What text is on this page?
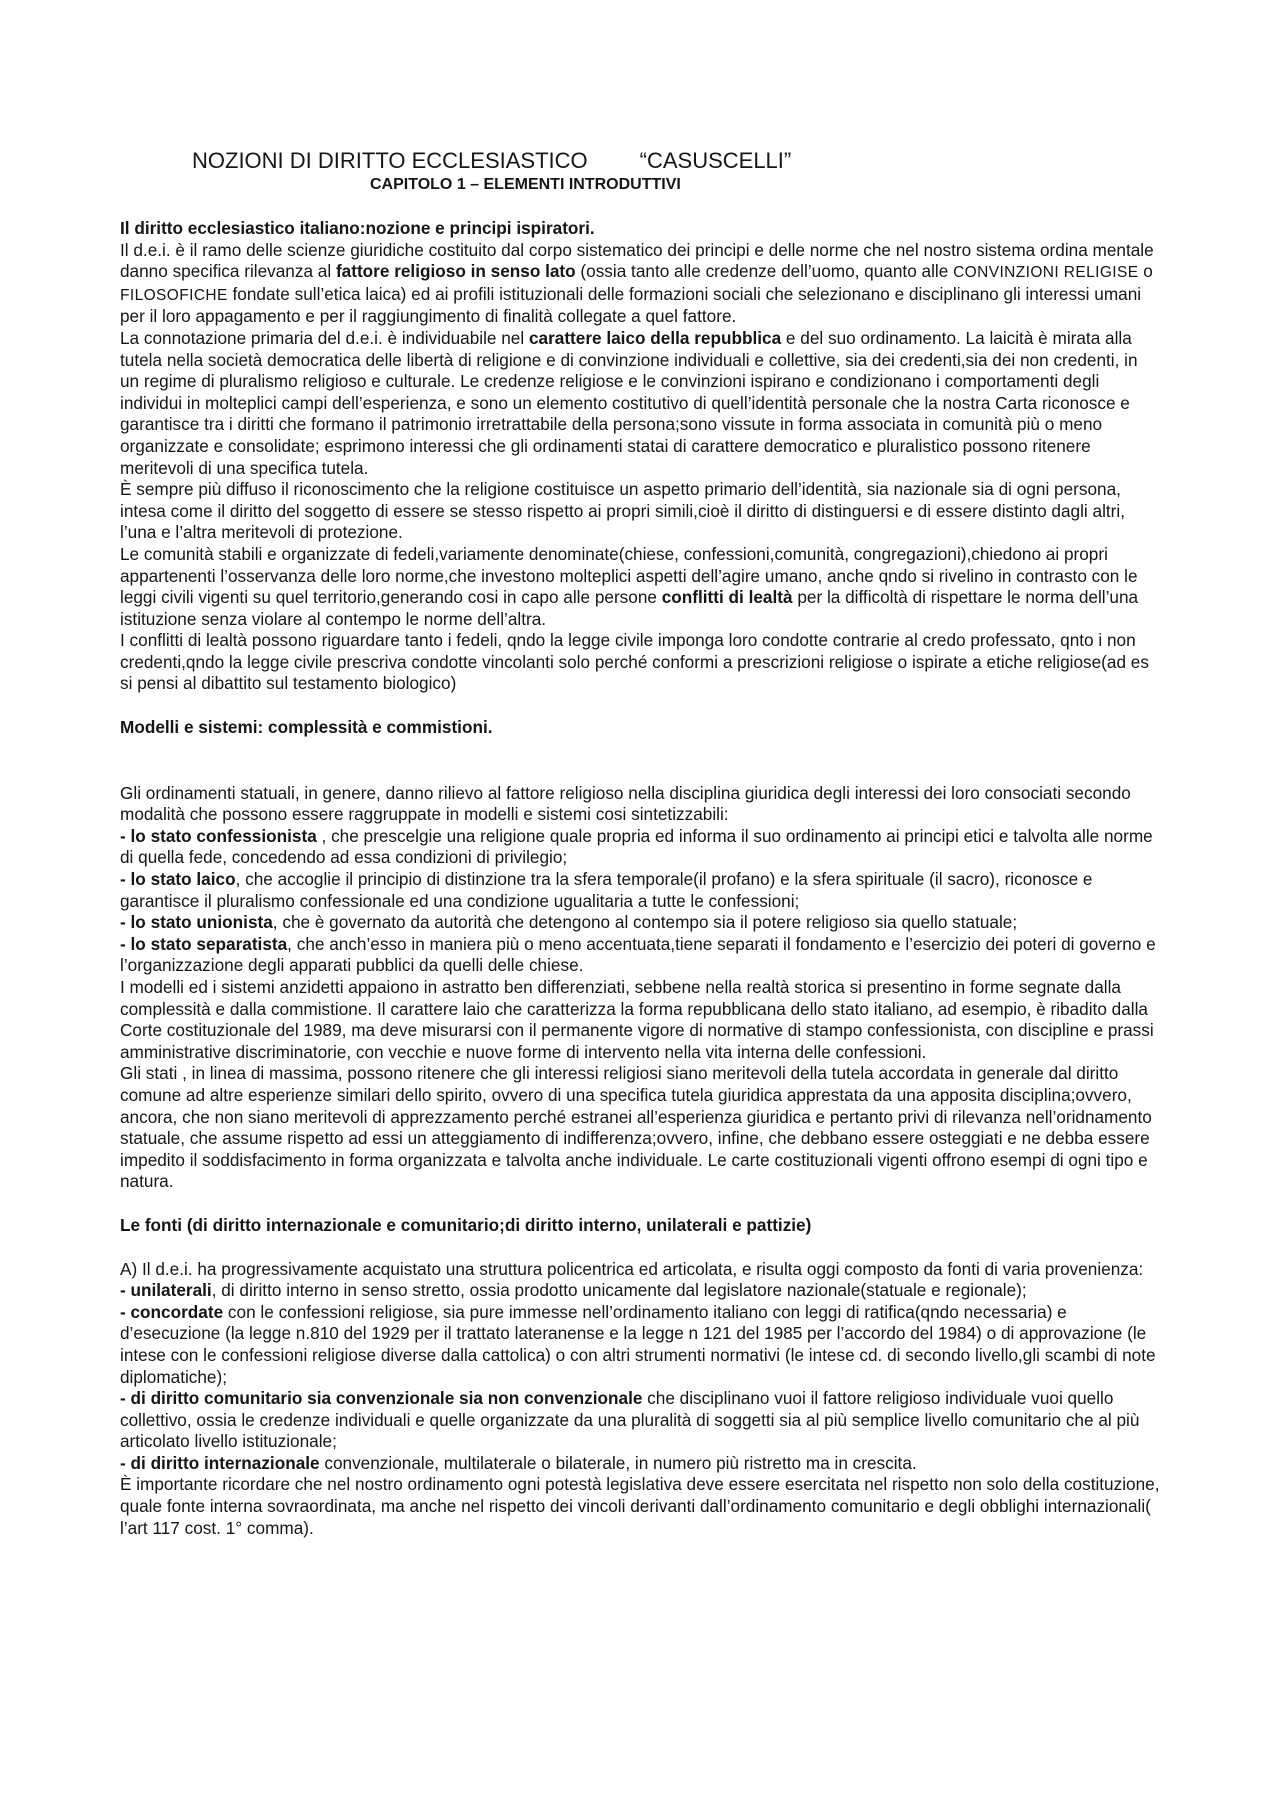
NOZIONI DI DIRITTO ECCLESIASTICO “CASUSCELLI”
CAPITOLO 1 – ELEMENTI INTRODUTTIVI

Il diritto ecclesiastico italiano:nozione e principi ispiratori.

Il d.e.i. è il ramo delle scienze giuridiche costituito dal corpo sistematico dei principi e delle norme che nel nostro sistema ordina mentale danno specifica rilevanza al fattore religioso in senso lato (ossia tanto alle credenze dell’uomo, quanto alle CONVINZIONI RELIGISE o FILOSOFICHE fondate sull’etica laica) ed ai profili istituzionali delle formazioni sociali che selezionano e disciplinano gli interessi umani per il loro appagamento e per il raggiungimento di finalità collegate a quel fattore.

La connotazione primaria del d.e.i. è individuabile nel carattere laico della repubblica e del suo ordinamento. La laicità è mirata alla tutela nella società democratica delle libertà di religione e di convinzione individuali e collettive, sia dei credenti,sia dei non credenti, in un regime di pluralismo religioso e culturale. Le credenze religiose e le convinzioni ispirano e condizionano i comportamenti degli individui in molteplici campi dell’esperienza, e sono un elemento costitutivo di quell’identità personale che la nostra Carta riconosce e garantisce tra i diritti che formano il patrimonio irretrattabile della persona;sono vissute in forma associata in comunità più o meno organizzate e consolidate; esprimono interessi che gli ordinamenti statai di carattere democratico e pluralistico possono ritenere meritevoli di una specifica tutela.

È sempre più diffuso il riconoscimento che la religione costituisce un aspetto primario dell’identità, sia nazionale sia di ogni persona, intesa come il diritto del soggetto di essere se stesso rispetto ai propri simili,cioè il diritto di distinguersi e di essere distinto dagli altri, l’una e l’altra meritevoli di protezione.

Le comunità stabili e organizzate di fedeli,variamente denominate(chiese, confessioni,comunità, congregazioni),chiedono ai propri appartenenti l’osservanza delle loro norme,che investono molteplici aspetti dell’agire umano, anche qndo si rivelino in contrasto con le leggi civili vigenti su quel territorio,generando cosi in capo alle persone conflitti di lealtà per la difficoltà di rispettare le norma dell’una istituzione senza violare al contempo le norme dell’altra.

I conflitti di lealtà possono riguardare tanto i fedeli, qndo la legge civile imponga loro condotte contrarie al credo professato, qnto i non credenti,qndo la legge civile prescriva condotte vincolanti solo perché conformi a prescrizioni religiose o ispirate a etiche religiose(ad es si pensi al dibattito sul testamento biologico)

Modelli e sistemi: complessità e commistioni.

Gli ordinamenti statuali, in genere, danno rilievo al fattore religioso nella disciplina giuridica degli interessi dei loro consociati secondo modalità che possono essere raggruppate in modelli e sistemi cosi sintetizzabili:

- lo stato confessionista , che prescelgie una religione quale propria ed informa il suo ordinamento ai principi etici e talvolta alle norme di quella fede, concedendo ad essa condizioni di privilegio;

- lo stato laico, che accoglie il principio di distinzione tra la sfera temporale(il profano) e la sfera spirituale (il sacro), riconosce e garantisce il pluralismo confessionale ed una condizione ugualitaria a tutte le confessioni;

- lo stato unionista, che è governato da autorità che detengono al contempo sia il potere religioso sia quello statuale;

- lo stato separatista, che anch’esso in maniera più o meno accentuata,tiene separati il fondamento e l’esercizio dei poteri di governo e l’organizzazione degli apparati pubblici da quelli delle chiese.

I modelli ed i sistemi anzidetti appaiono in astratto ben differenziati, sebbene nella realtà storica si presentino in forme segnate dalla complessità e dalla commistione. Il carattere laio che caratterizza la forma repubblicana dello stato italiano, ad esempio, è ribadito dalla Corte costituzionale del 1989, ma deve misurarsi con il permanente vigore di normative di stampo confessionista, con discipline e prassi amministrative discriminatorie, con vecchie e nuove forme di intervento nella vita interna delle confessioni.

Gli stati , in linea di massima, possono ritenere che gli interessi religiosi siano meritevoli della tutela accordata in generale dal diritto comune ad altre esperienze similari dello spirito, ovvero di una specifica tutela giuridica apprestata da una apposita disciplina;ovvero, ancora, che non siano meritevoli di apprezzamento perché estranei all’esperienza giuridica e pertanto privi di rilevanza nell’oridnamento statuale, che assume rispetto ad essi un atteggiamento di indifferenza;ovvero, infine, che debbano essere osteggiati e ne debba essere impedito il soddisfacimento in forma organizzata e talvolta anche individuale. Le carte costituzionali vigenti offrono esempi di ogni tipo e natura.

Le fonti (di diritto internazionale e comunitario;di diritto interno, unilaterali e pattizie)

A) Il d.e.i. ha progressivamente acquistato una struttura policentrica ed articolata, e risulta oggi composto da fonti di varia provenienza:

- unilaterali, di diritto interno in senso stretto, ossia prodotto unicamente dal legislatore nazionale(statuale e regionale);

- concordate con le confessioni religiose, sia pure immesse nell’ordinamento italiano con leggi di ratifica(qndo necessaria) e d’esecuzione (la legge n.810 del 1929 per il trattato lateranense e la legge n 121 del 1985 per l’accordo del 1984) o di approvazione (le intese con le confessioni religiose diverse dalla cattolica) o con altri strumenti normativi (le intese cd. di secondo livello,gli scambi di note diplomatiche);

- di diritto comunitario sia convenzionale sia non convenzionale che disciplinano vuoi il fattore religioso individuale vuoi quello collettivo, ossia le credenze individuali e quelle organizzate da una pluralità di soggetti sia al più semplice livello comunitario che al più articolato livello istituzionale;

- di diritto internazionale convenzionale, multilaterale o bilaterale, in numero più ristretto ma in crescita.

È importante ricordare che nel nostro ordinamento ogni potestà legislativa deve essere esercitata nel rispetto non solo della costituzione, quale fonte interna sovraordinata, ma anche nel rispetto dei vincoli derivanti dall’ordinamento comunitario e degli obblighi internazionali( l’art 117 cost. 1° comma).
